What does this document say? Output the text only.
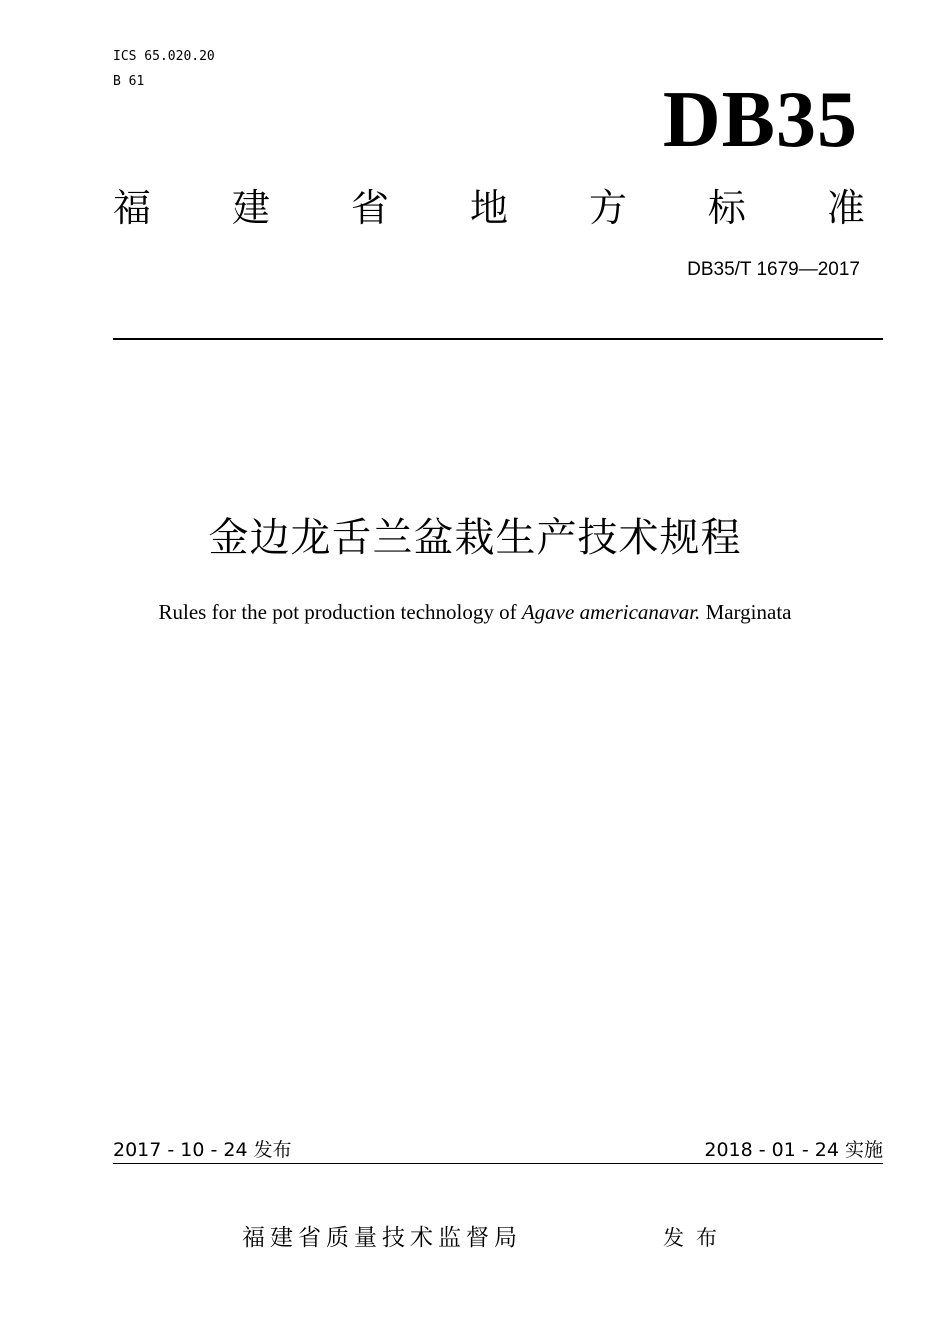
ICS 65.020.20
B 61	DB35
福 建 省 地 方 标 准
DB35/T 1679—2017
金边龙舌兰盆栽生产技术规程
Rules for the pot production technology of Agave americanavar. Marginata
2017 - 10 - 24 发布	2018 - 01 - 24 实施
福建省质量技术监督局	发布
